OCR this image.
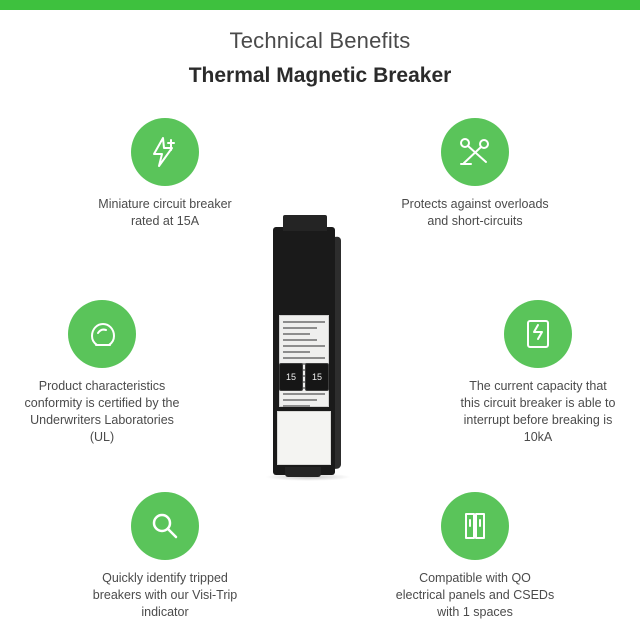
Technical Benefits

Thermal Magnetic Breaker

15	15
Miniature circuit breaker rated at 15A
Protects against overloads and short-circuits
Product characteristics conformity is certified by the Underwriters Laboratories (UL)
The current capacity that this circuit breaker is able to interrupt before breaking is 10kA
Quickly identify tripped breakers with our Visi-Trip indicator
Compatible with QO electrical panels and CSEDs with 1 spaces
